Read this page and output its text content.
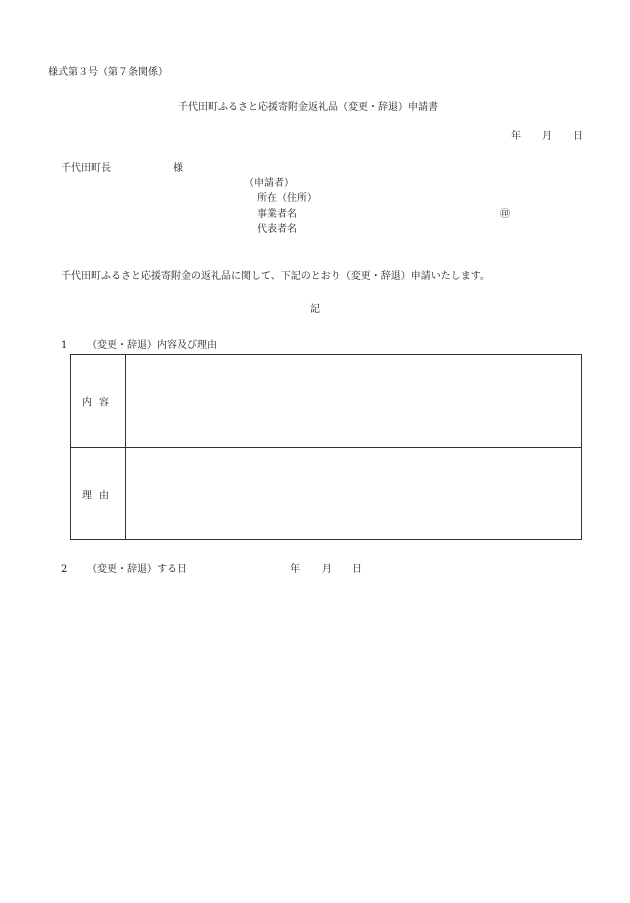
様式第３号（第７条関係）
千代田町ふるさと応援寄附金返礼品（変更・辞退）申請書
年 月 日
千代田町長	様
（申請者）
所在（住所）
事業者名	㊞
代表者名
千代田町ふるさと応援寄附金の返礼品に関して、下記のとおり（変更・辞退）申請いたします。
記
1 （変更・辞退）内容及び理由
内容
理由
2 （変更・辞退）する日	年 月 日
